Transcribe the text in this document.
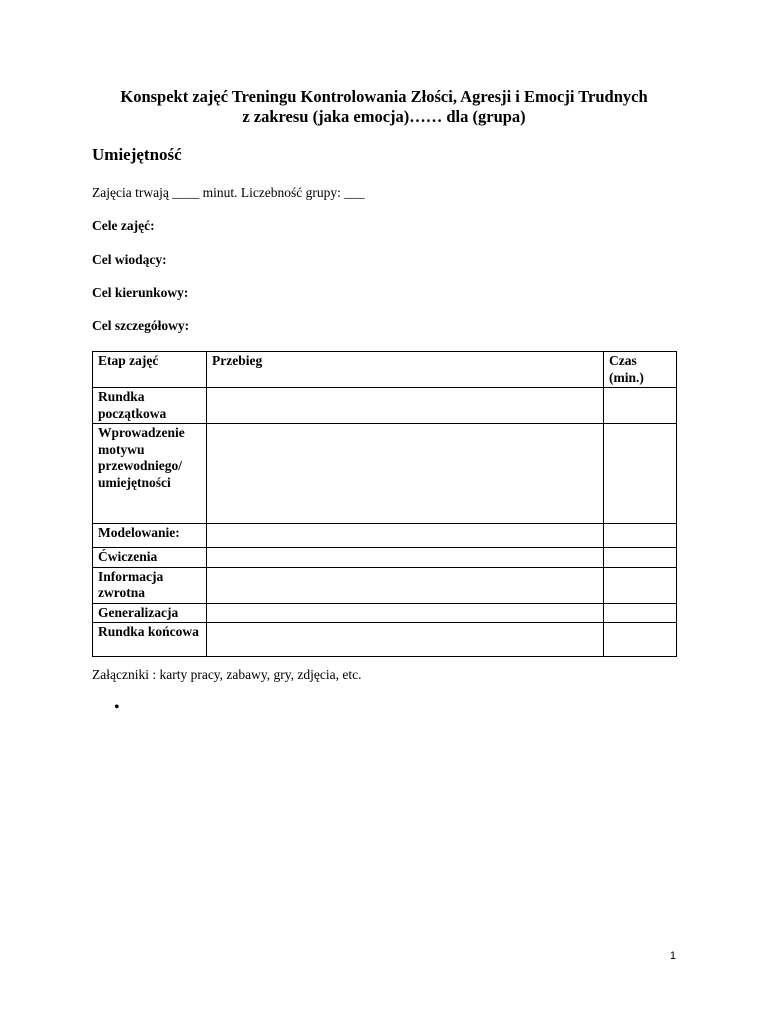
Konspekt zajęć Treningu Kontrolowania Złości, Agresji i Emocji Trudnych
z zakresu (jaka emocja)…… dla (grupa)
Umiejętność
Zajęcia trwają ____ minut. Liczebność grupy: ___
Cele zajęć:
Cel wiodący:
Cel kierunkowy:
Cel szczegółowy:
Etap zajęć	Przebieg	Czas (min.)
Rundka początkowa		
Wprowadzenie motywu przewodniego/ umiejętności		
Modelowanie:		
Ćwiczenia		
Informacja zwrotna		
Generalizacja		
Rundka końcowa		
Załączniki : karty pracy, zabawy, gry, zdjęcia, etc.
•
1
